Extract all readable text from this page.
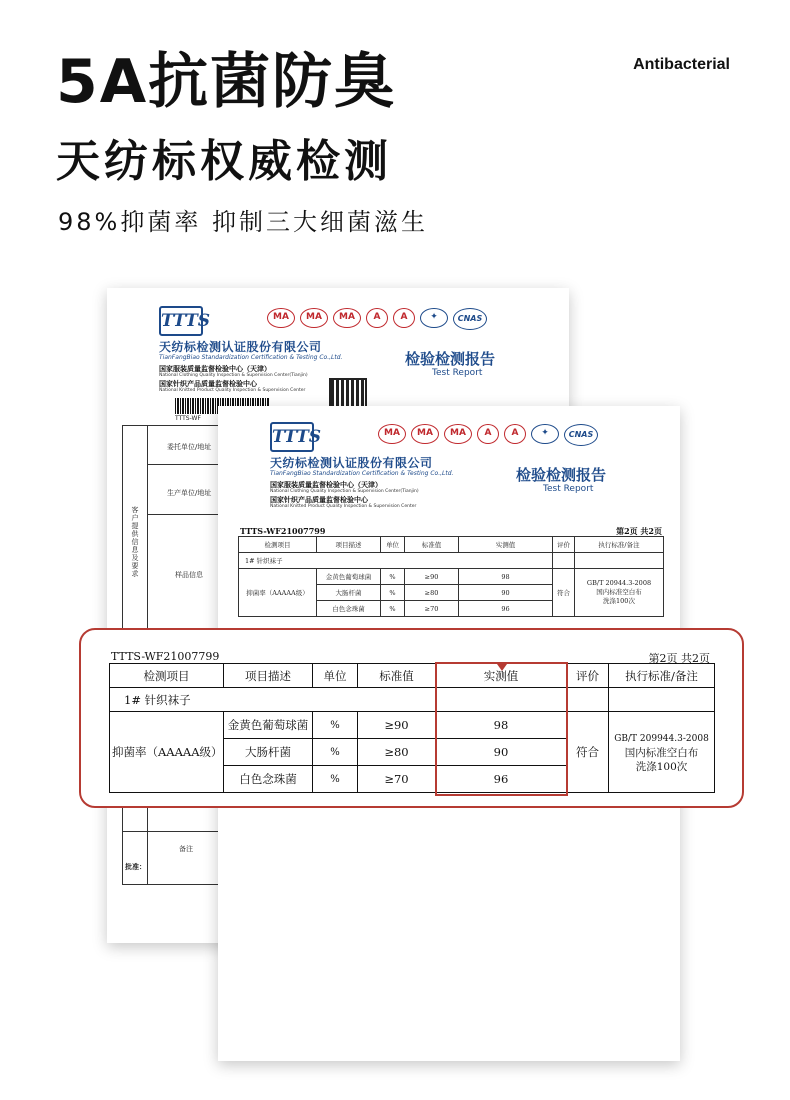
5A抗菌防臭	Antibacterial
天纺标权威检测
98%抑菌率 抑制三大细菌滋生
TTTS	MA	MA	MA	A	A	✦	CNAS
天纺标检测认证股份有限公司
TianFangBiao Standardization Certification & Testing Co.,Ltd.
国家服装质量监督检验中心（天津）
National Clothing Quality Inspection & Supervision Center(Tianjin)
国家针织产品质量监督检验中心
National Knitted Product Quality Inspection & Supervision Center
检验检测报告
Test Report
TTTS-WF
客户提供信息及要求
委托单位/地址
生产单位/地址
样品信息
备注
批准：
TTTS	MA	MA	MA	A	A	✦	CNAS
天纺标检测认证股份有限公司
TianFangBiao Standardization Certification & Testing Co.,Ltd.
国家服装质量监督检验中心（天津）
National Clothing Quality Inspection & Supervision Center(Tianjin)
国家针织产品质量监督检验中心
National Knitted Product Quality Inspection & Supervision Center
检验检测报告
Test Report
TTTS-WF21007799	第2页 共2页
检测项目	项目描述	单位	标准值	实测值	评价	执行标准/备注
1# 针织袜子						
抑菌率（AAAAA级）	金黄色葡萄球菌	%	≥90	98	符合	GB/T 20944.3-2008
国内标准空白布
洗涤100次
	大肠杆菌	%	≥80	90		
	白色念珠菌	%	≥70	96		
TTTS-WF21007799	第2页 共2页
检测项目	项目描述	单位	标准值	实测值	评价	执行标准/备注
1# 针织袜子						
抑菌率（AAAAA级）	金黄色葡萄球菌	%	≥90	98	符合	GB/T 209944.3-2008
国内标准空白布
洗涤100次
	大肠杆菌	%	≥80	90		
	白色念珠菌	%	≥70	96		
